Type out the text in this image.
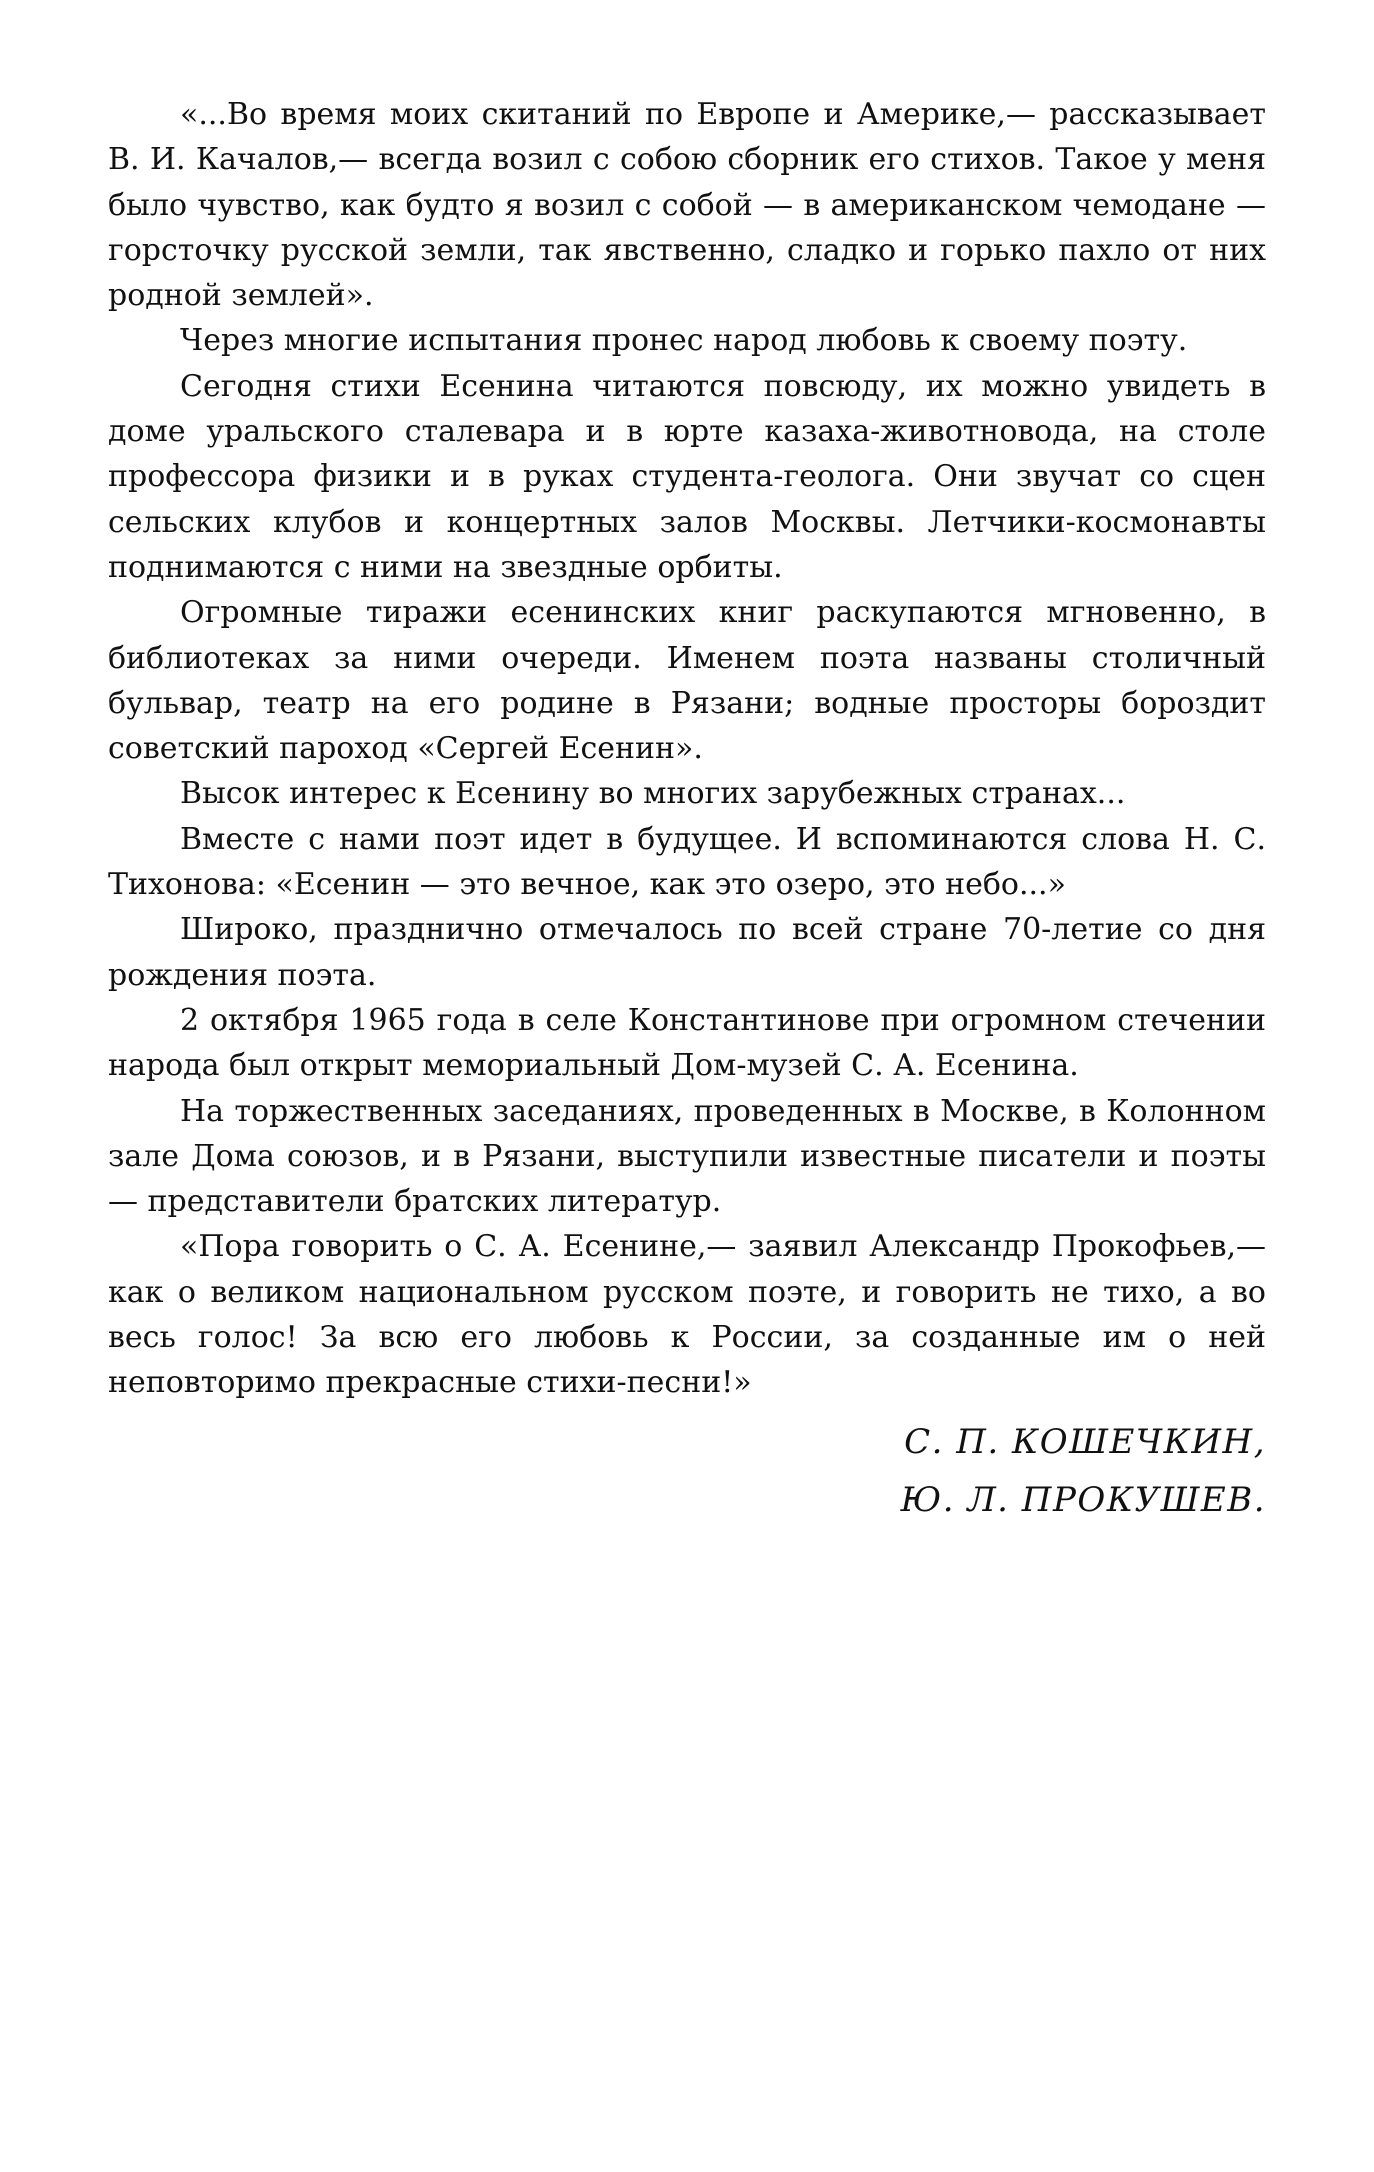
«...Во время моих скитаний по Европе и Америке,— рассказывает В. И. Качалов,— всегда возил с собою сборник его стихов. Такое у меня было чувство, как будто я возил с собой — в американском чемодане — горсточку русской земли, так явственно, сладко и горько пахло от них родной землей».

Через многие испытания пронес народ любовь к своему поэту.

Сегодня стихи Есенина читаются повсюду, их можно увидеть в доме уральского сталевара и в юрте казаха-животновода, на столе профессора физики и в руках студента-геолога. Они звучат со сцен сельских клубов и концертных залов Москвы. Летчики-космонавты поднимаются с ними на звездные орбиты.

Огромные тиражи есенинских книг раскупаются мгновенно, в библиотеках за ними очереди. Именем поэта названы столичный бульвар, театр на его родине в Рязани; водные просторы бороздит советский пароход «Сергей Есенин».

Высок интерес к Есенину во многих зарубежных странах...

Вместе с нами поэт идет в будущее. И вспоминаются слова Н. С. Тихонова: «Есенин — это вечное, как это озеро, это небо...»

Широко, празднично отмечалось по всей стране 70-летие со дня рождения поэта.

2 октября 1965 года в селе Константинове при огромном стечении народа был открыт мемориальный Дом-музей С. А. Есенина.

На торжественных заседаниях, проведенных в Москве, в Колонном зале Дома союзов, и в Рязани, выступили известные писатели и поэты — представители братских литератур.

«Пора говорить о С. А. Есенине,— заявил Александр Прокофьев,— как о великом национальном русском поэте, и говорить не тихо, а во весь голос! За всю его любовь к России, за созданные им о ней неповторимо прекрасные стихи-песни!»

С. П. КОШЕЧКИН,
Ю. Л. ПРОКУШЕВ.
